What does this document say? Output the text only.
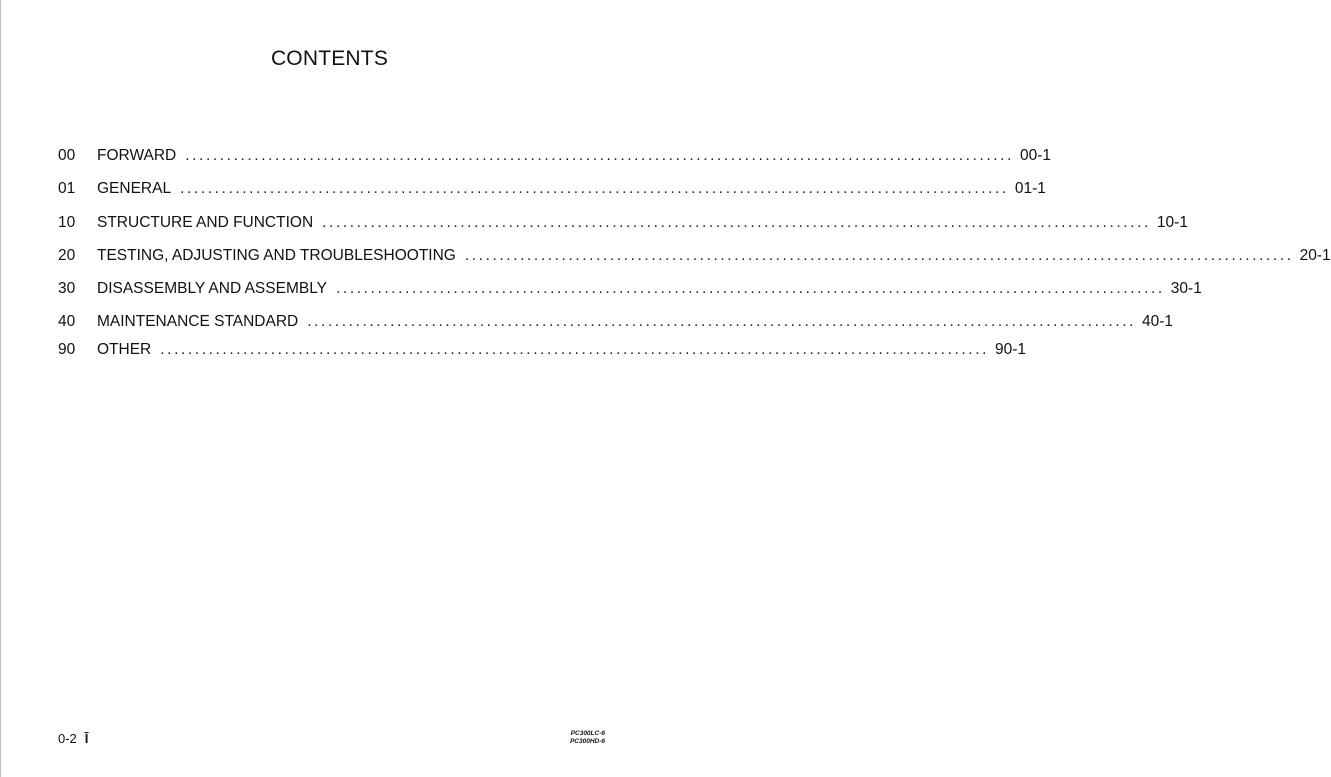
CONTENTS
00	FORWARD ........................................................................................................................ 00-1
01	GENERAL ........................................................................................................................ 01-1
10	STRUCTURE AND FUNCTION ........................................................................................................................ 10-1
20	TESTING, ADJUSTING AND TROUBLESHOOTING ........................................................................................................................ 20-1
30	DISASSEMBLY AND ASSEMBLY ........................................................................................................................ 30-1
40	MAINTENANCE STANDARD ........................................................................................................................ 40-1
90	OTHER ........................................................................................................................ 90-1
0-2 Ī	PC300LC-6
PC300HD-6
